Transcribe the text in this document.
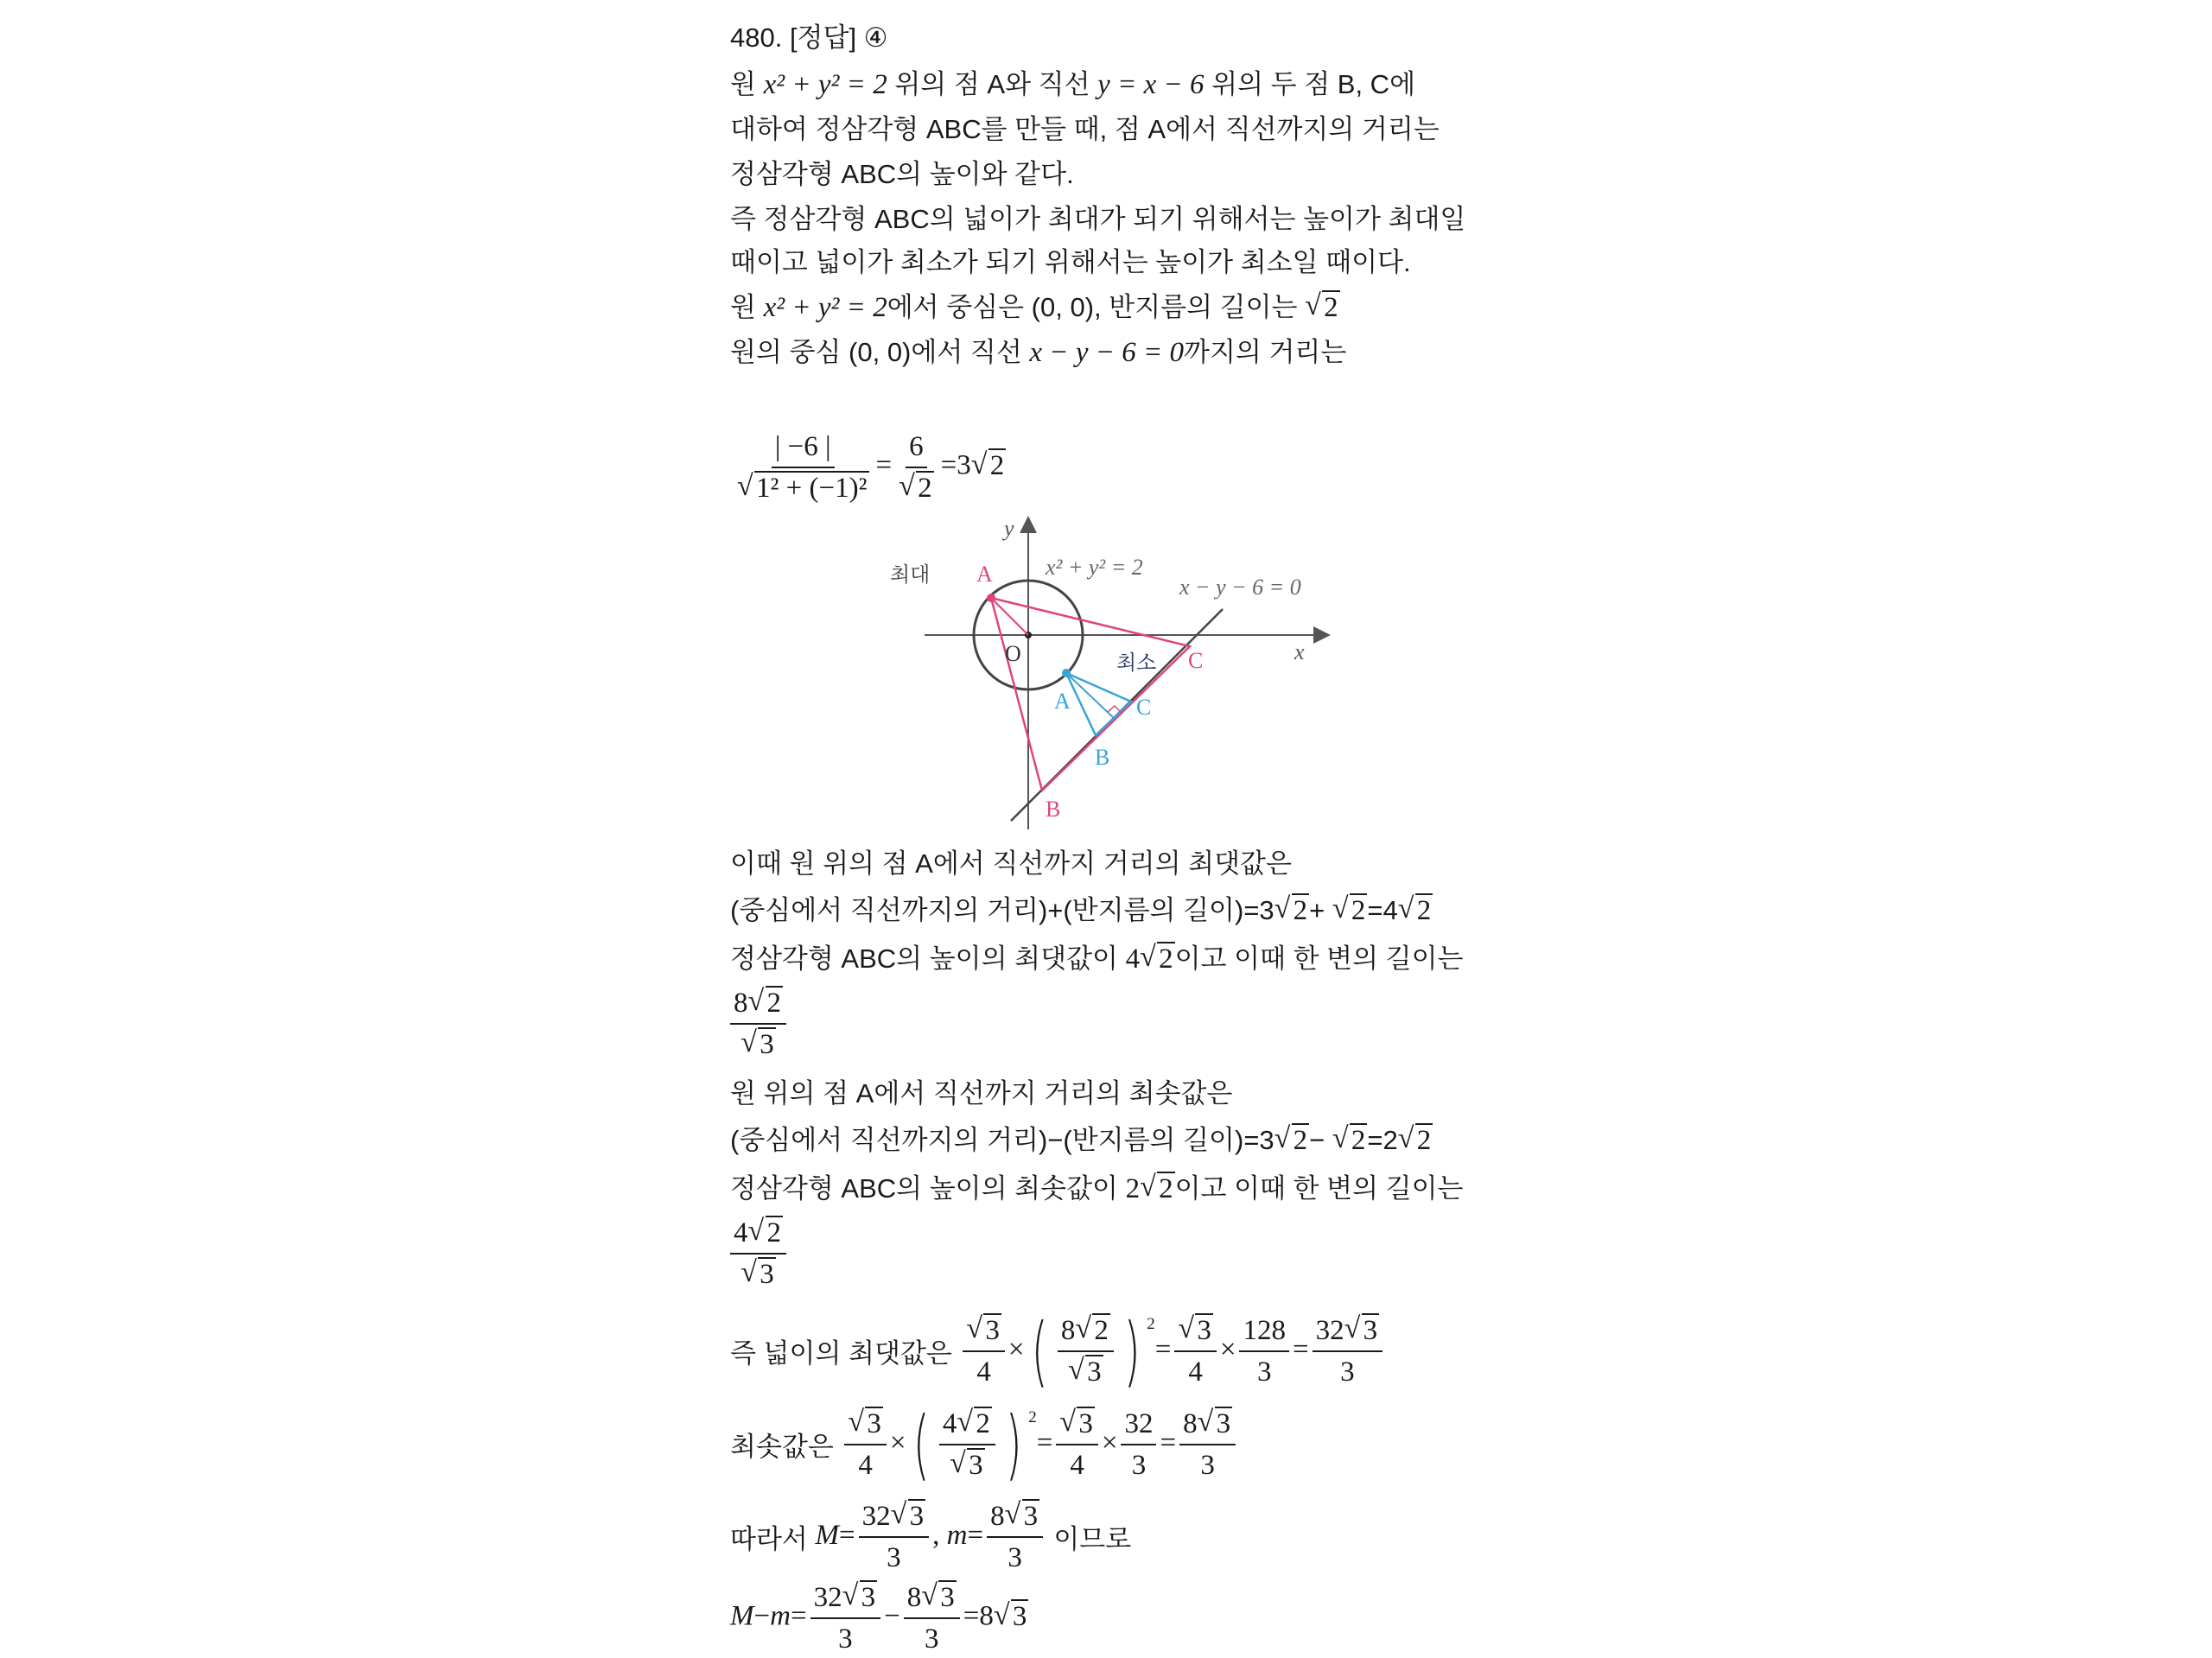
480. [정답] ④
원 x² + y² = 2 위의 점 A와 직선 y = x − 6 위의 두 점 B, C에
대하여 정삼각형 ABC를 만들 때, 점 A에서 직선까지의 거리는
정삼각형 ABC의 높이와 같다.
즉 정삼각형 ABC의 넓이가 최대가 되기 위해서는 높이가 최대일
때이고 넓이가 최소가 되기 위해서는 높이가 최소일 때이다.
원 x² + y² = 2에서 중심은 (0, 0), 반지름의 길이는 √ 2
원의 중심 (0, 0)에서 직선 x − y − 6 = 0까지의 거리는
| −6 |
√ 1² + (−1)² = 6
√ 2 =3√ 2
이때 원 위의 점 A에서 직선까지 거리의 최댓값은
(중심에서 직선까지의 거리)+(반지름의 길이)=3√ 2+ √ 2=4√ 2
정삼각형 ABC의 높이의 최댓값이 4√ 2이고 이때 한 변의 길이는
8√ 2
√ 3
원 위의 점 A에서 직선까지 거리의 최솟값은
(중심에서 직선까지의 거리)−(반지름의 길이)=3√ 2− √ 2=2√ 2
정삼각형 ABC의 높이의 최솟값이 2√ 2이고 이때 한 변의 길이는
4√ 2
√ 3
즉 넓이의 최댓값은
√ $\frac{3}{4}$ ×( 8√ 2
√ 3 ) $^2$=
√ $\frac{3}{4} \times \frac{128}{3} = \frac{32√ 3}{3}$
최솟값은
√ $\frac{3}{4}$ ×( 4√ 2
√ 3 ) $^2$=
√ $\frac{3}{4} \times \frac{32}{3} = \frac{8√ 3}{3}$
따라서 $M= \frac{32√ 3}{3}$ , $m= \frac{8√ 3}{3}$ 이므로
$M-m= \frac{32√ 3}{3} - \frac{8√ 3}{3} =8√$ 3
최대
최소
x² + y² = 2
x − y − 6 = 0
y
x
O
A
A
B
B
C
C
